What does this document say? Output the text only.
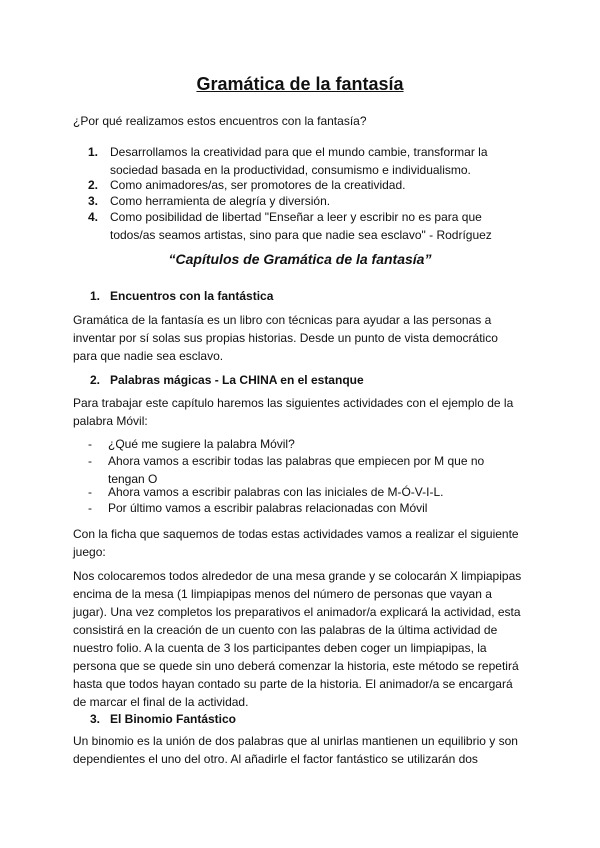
Gramática de la fantasía

¿Por qué realizamos estos encuentros con la fantasía?

1. Desarrollamos la creatividad para que el mundo cambie, transformar la
sociedad basada en la productividad, consumismo e individualismo.
2. Como animadores/as, ser promotores de la creatividad.
3. Como herramienta de alegría y diversión.
4. Como posibilidad de libertad "Enseñar a leer y escribir no es para que
todos/as seamos artistas, sino para que nadie sea esclavo" - Rodríguez
“Capítulos de Gramática de la fantasía”
1. Encuentros con la fantástica
Gramática de la fantasía es un libro con técnicas para ayudar a las personas a
inventar por sí solas sus propias historias. Desde un punto de vista democrático
para que nadie sea esclavo.
2. Palabras mágicas - La CHINA en el estanque
Para trabajar este capítulo haremos las siguientes actividades con el ejemplo de la
palabra Móvil:
- ¿Qué me sugiere la palabra Móvil?
- Ahora vamos a escribir todas las palabras que empiecen por M que no
tengan O
- Ahora vamos a escribir palabras con las iniciales de M-Ó-V-I-L.
- Por último vamos a escribir palabras relacionadas con Móvil
Con la ficha que saquemos de todas estas actividades vamos a realizar el siguiente
juego:
Nos colocaremos todos alrededor de una mesa grande y se colocarán X limpiapipas
encima de la mesa (1 limpiapipas menos del número de personas que vayan a
jugar). Una vez completos los preparativos el animador/a explicará la actividad, esta
consistirá en la creación de un cuento con las palabras de la última actividad de
nuestro folio. A la cuenta de 3 los participantes deben coger un limpiapipas, la
persona que se quede sin uno deberá comenzar la historia, este método se repetirá
hasta que todos hayan contado su parte de la historia. El animador/a se encargará
de marcar el final de la actividad.
3. El Binomio Fantástico
Un binomio es la unión de dos palabras que al unirlas mantienen un equilibrio y son
dependientes el uno del otro. Al añadirle el factor fantástico se utilizarán dos
